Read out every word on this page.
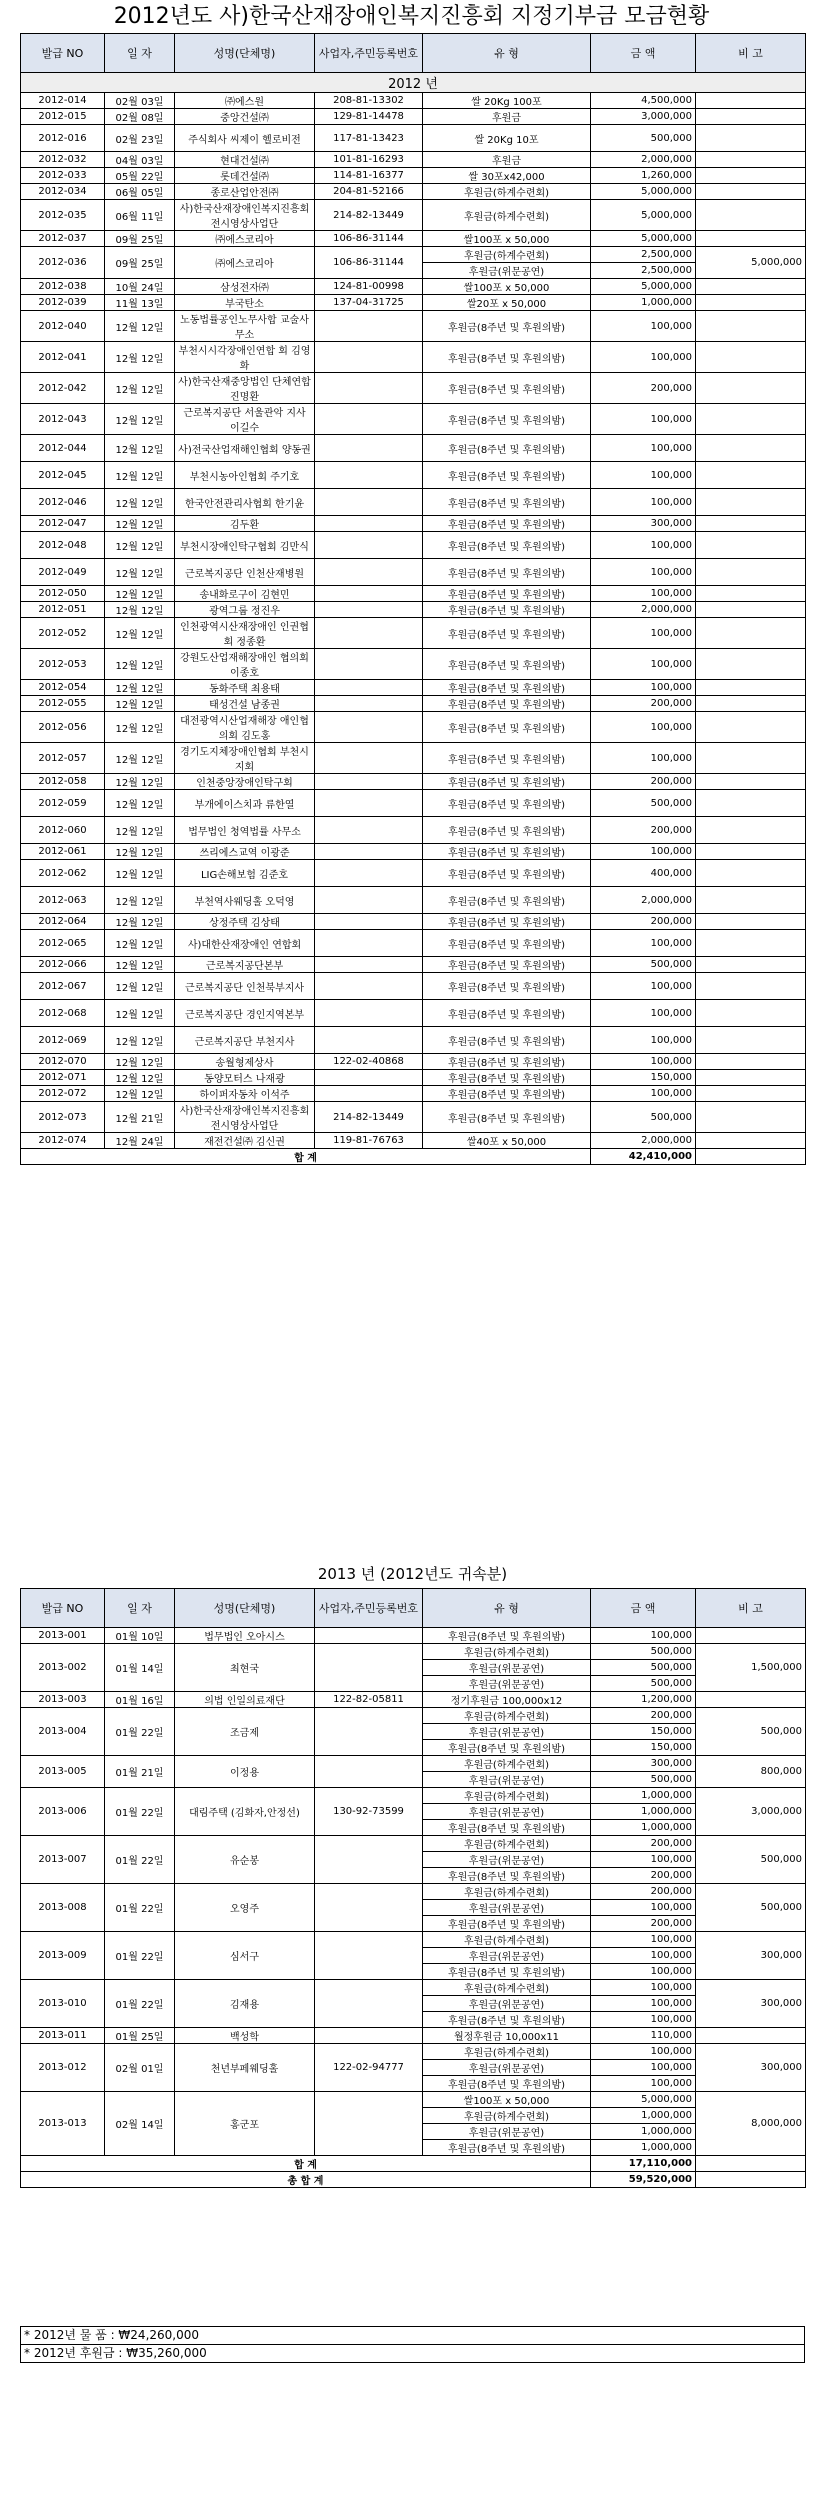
2012년도 사)한국산재장애인복지진흥회 지정기부금 모금현황
발급 NO	일 자	성명(단체명)	사업자,주민등록번호	유 형	금 액	비 고
2012 년						
2012-014	02월 03일	㈜에스원	208-81-13302	쌀 20Kg 100포	4,500,000	
2012-015	02월 08일	중앙건설㈜	129-81-14478	후원금	3,000,000	
2012-016	02월 23일	주식회사 씨제이 헬로비전	117-81-13423	쌀 20Kg 10포	500,000	
2012-032	04월 03일	현대건설㈜	101-81-16293	후원금	2,000,000	
2012-033	05월 22일	롯데건설㈜	114-81-16377	쌀 30포x42,000	1,260,000	
2012-034	06월 05일	종로산업안전㈜	204-81-52166	후원금(하계수련회)	5,000,000	
2012-035	06월 11일	사)한국산재장애인복지진흥회 전시영상사업단	214-82-13449	후원금(하계수련회)	5,000,000	
2012-037	09월 25일	㈜에스코리아	106-86-31144	쌀100포 x 50,000	5,000,000	
2012-036	09월 25일	㈜에스코리아	106-86-31144	후원금(하계수련회)	2,500,000	5,000,000
				후원금(위문공연)	2,500,000	
2012-038	10월 24일	삼성전자㈜	124-81-00998	쌀100포 x 50,000	5,000,000	
2012-039	11월 13일	부국탄소	137-04-31725	쌀20포 x 50,000	1,000,000	
2012-040	12월 12일	노동법률공인노무사합 교술사무소		후원금(8주년 및 후원의밤)	100,000	
2012-041	12월 12일	부천시시각장애인연합 회 김영화		후원금(8주년 및 후원의밤)	100,000	
2012-042	12월 12일	사)한국산재중앙법인 단체연합 진명환		후원금(8주년 및 후원의밤)	200,000	
2012-043	12월 12일	근로복지공단 서울관악 지사 이길수		후원금(8주년 및 후원의밤)	100,000	
2012-044	12월 12일	사)전국산업재해인협회 양동권		후원금(8주년 및 후원의밤)	100,000	
2012-045	12월 12일	부천시농아인협회 주기호		후원금(8주년 및 후원의밤)	100,000	
2012-046	12월 12일	한국안전관리사협회 한기윤		후원금(8주년 및 후원의밤)	100,000	
2012-047	12월 12일	김두환		후원금(8주년 및 후원의밤)	300,000	
2012-048	12월 12일	부천시장애인탁구협회 김만식		후원금(8주년 및 후원의밤)	100,000	
2012-049	12월 12일	근로복지공단 인천산재병원		후원금(8주년 및 후원의밤)	100,000	
2012-050	12월 12일	송내화로구이 김현민		후원금(8주년 및 후원의밤)	100,000	
2012-051	12월 12일	광역그룹 정진우		후원금(8주년 및 후원의밤)	2,000,000	
2012-052	12월 12일	인천광역시산재장애인 인권협회 정종환		후원금(8주년 및 후원의밤)	100,000	
2012-053	12월 12일	강원도산업재해장애인 협의회 이종호		후원금(8주년 및 후원의밤)	100,000	
2012-054	12월 12일	동화주택 최용태		후원금(8주년 및 후원의밤)	100,000	
2012-055	12월 12일	태성건설 남종권		후원금(8주년 및 후원의밤)	200,000	
2012-056	12월 12일	대전광역시산업재해장 애인협의회 김도홍		후원금(8주년 및 후원의밤)	100,000	
2012-057	12월 12일	경기도지체장애인협회 부천시지회		후원금(8주년 및 후원의밤)	100,000	
2012-058	12월 12일	인천중앙장애인탁구회		후원금(8주년 및 후원의밤)	200,000	
2012-059	12월 12일	부개에이스치과 류한열		후원금(8주년 및 후원의밤)	500,000	
2012-060	12월 12일	법무법인 청역법률 사무소		후원금(8주년 및 후원의밤)	200,000	
2012-061	12월 12일	쓰리에스교역 이광준		후원금(8주년 및 후원의밤)	100,000	
2012-062	12월 12일	LIG손해보험 김준호		후원금(8주년 및 후원의밤)	400,000	
2012-063	12월 12일	부천역사웨딩홀 오덕영		후원금(8주년 및 후원의밤)	2,000,000	
2012-064	12월 12일	상정주택 김상태		후원금(8주년 및 후원의밤)	200,000	
2012-065	12월 12일	사)대한산재장애인 연합회		후원금(8주년 및 후원의밤)	100,000	
2012-066	12월 12일	근로복지공단본부		후원금(8주년 및 후원의밤)	500,000	
2012-067	12월 12일	근로복지공단 인천북부지사		후원금(8주년 및 후원의밤)	100,000	
2012-068	12월 12일	근로복지공단 경인지역본부		후원금(8주년 및 후원의밤)	100,000	
2012-069	12월 12일	근로복지공단 부천지사		후원금(8주년 및 후원의밤)	100,000	
2012-070	12월 12일	송월형제상사	122-02-40868	후원금(8주년 및 후원의밤)	100,000	
2012-071	12월 12일	동양모터스 나재광		후원금(8주년 및 후원의밤)	150,000	
2012-072	12월 12일	하이퍼자동차 이석주		후원금(8주년 및 후원의밤)	100,000	
2012-073	12월 21일	사)한국산재장애인복지진흥회 전시영상사업단	214-82-13449	후원금(8주년 및 후원의밤)	500,000	
2012-074	12월 24일	재전건설㈜ 김신권	119-81-76763	쌀40포 x 50,000	2,000,000	
합 계					42,410,000	
2013 년 (2012년도 귀속분)
발급 NO	일 자	성명(단체명)	사업자,주민등록번호	유 형	금 액	비 고
2013-001	01월 10일	법무법인 오아시스		후원금(8주년 및 후원의밤)	100,000	
2013-002	01월 14일	최현국		후원금(하계수련회)	500,000	1,500,000
				후원금(위문공연)	500,000	
				후원금(위문공연)	500,000	
2013-003	01월 16일	의법 인일의료재단	122-82-05811	정기후원금 100,000x12	1,200,000	
2013-004	01월 22일	조금제		후원금(하계수련회)	200,000	500,000
				후원금(위문공연)	150,000	
				후원금(8주년 및 후원의밤)	150,000	
2013-005	01월 21일	이정용		후원금(하계수련회)	300,000	800,000
				후원금(위문공연)	500,000	
2013-006	01월 22일	대림주택 (김화자,안정선)	130-92-73599	후원금(하계수련회)	1,000,000	3,000,000
				후원금(위문공연)	1,000,000	
				후원금(8주년 및 후원의밤)	1,000,000	
2013-007	01월 22일	유순봉		후원금(하계수련회)	200,000	500,000
				후원금(위문공연)	100,000	
				후원금(8주년 및 후원의밤)	200,000	
2013-008	01월 22일	오영주		후원금(하계수련회)	200,000	500,000
				후원금(위문공연)	100,000	
				후원금(8주년 및 후원의밤)	200,000	
2013-009	01월 22일	심서구		후원금(하계수련회)	100,000	300,000
				후원금(위문공연)	100,000	
				후원금(8주년 및 후원의밤)	100,000	
2013-010	01월 22일	김재용		후원금(하계수련회)	100,000	300,000
				후원금(위문공연)	100,000	
				후원금(8주년 및 후원의밤)	100,000	
2013-011	01월 25일	백성학		월정후원금 10,000x11	110,000	
2013-012	02월 01일	천년부페웨딩홀	122-02-94777	후원금(하계수련회)	100,000	300,000
				후원금(위문공연)	100,000	
				후원금(8주년 및 후원의밤)	100,000	
2013-013	02월 14일	홍군포		쌀100포 x 50,000	5,000,000	8,000,000
				후원금(하계수련회)	1,000,000	
				후원금(위문공연)	1,000,000	
				후원금(8주년 및 후원의밤)	1,000,000	
합 계					17,110,000	
총 합 계					59,520,000	
* 2012년 물 품 : ₩24,260,000
* 2012년 후원금 : ₩35,260,000
